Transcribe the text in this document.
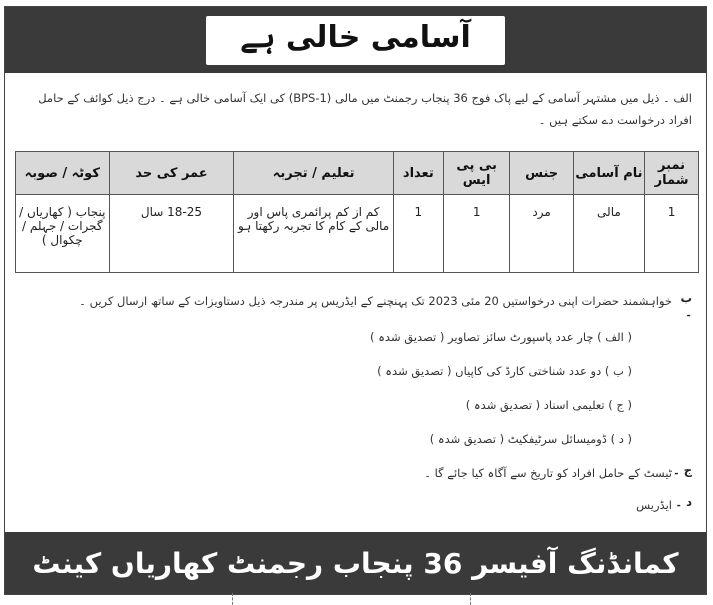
آسامی خالی ہے
الف ۔ ذیل میں مشتہر آسامی کے لیے پاک فوج 36 پنجاب رجمنٹ میں مالی (BPS-1) کی ایک آسامی خالی ہے ۔ درج ذیل کوائف کے حامل افراد درخواست دے سکتے ہیں ۔
نمبر شمار	نام آسامی	جنس	بی پی ایس	تعداد	تعلیم / تجربہ	عمر کی حد	کوٹہ / صوبہ
1	مالی	مرد	1	1	کم از کم پرائمری پاس اور مالی کے کام کا تجربہ رکھتا ہو	18-25 سال	پنجاب ( کھاریاں / گجرات / جہلم / چکوال )
ب ۔
خواہشمند حضرات اپنی درخواستیں 20 مئی 2023 تک پہنچنے کے ایڈریس پر مندرجہ ذیل دستاویزات کے ساتھ ارسال کریں ۔
( الف ) چار عدد پاسپورٹ سائز تصاویر ( تصدیق شدہ )
( ب ) دو عدد شناختی کارڈ کی کاپیاں ( تصدیق شدہ )
( ج ) تعلیمی اسناد ( تصدیق شدہ )
( د ) ڈومیسائل سرٹیفکیٹ ( تصدیق شدہ )
ج ۔
ٹیسٹ کے حامل افراد کو تاریخ سے آگاہ کیا جائے گا ۔
د ۔
ایڈریس
کمانڈنگ آفیسر 36 پنجاب رجمنٹ کھاریاں کینٹ
